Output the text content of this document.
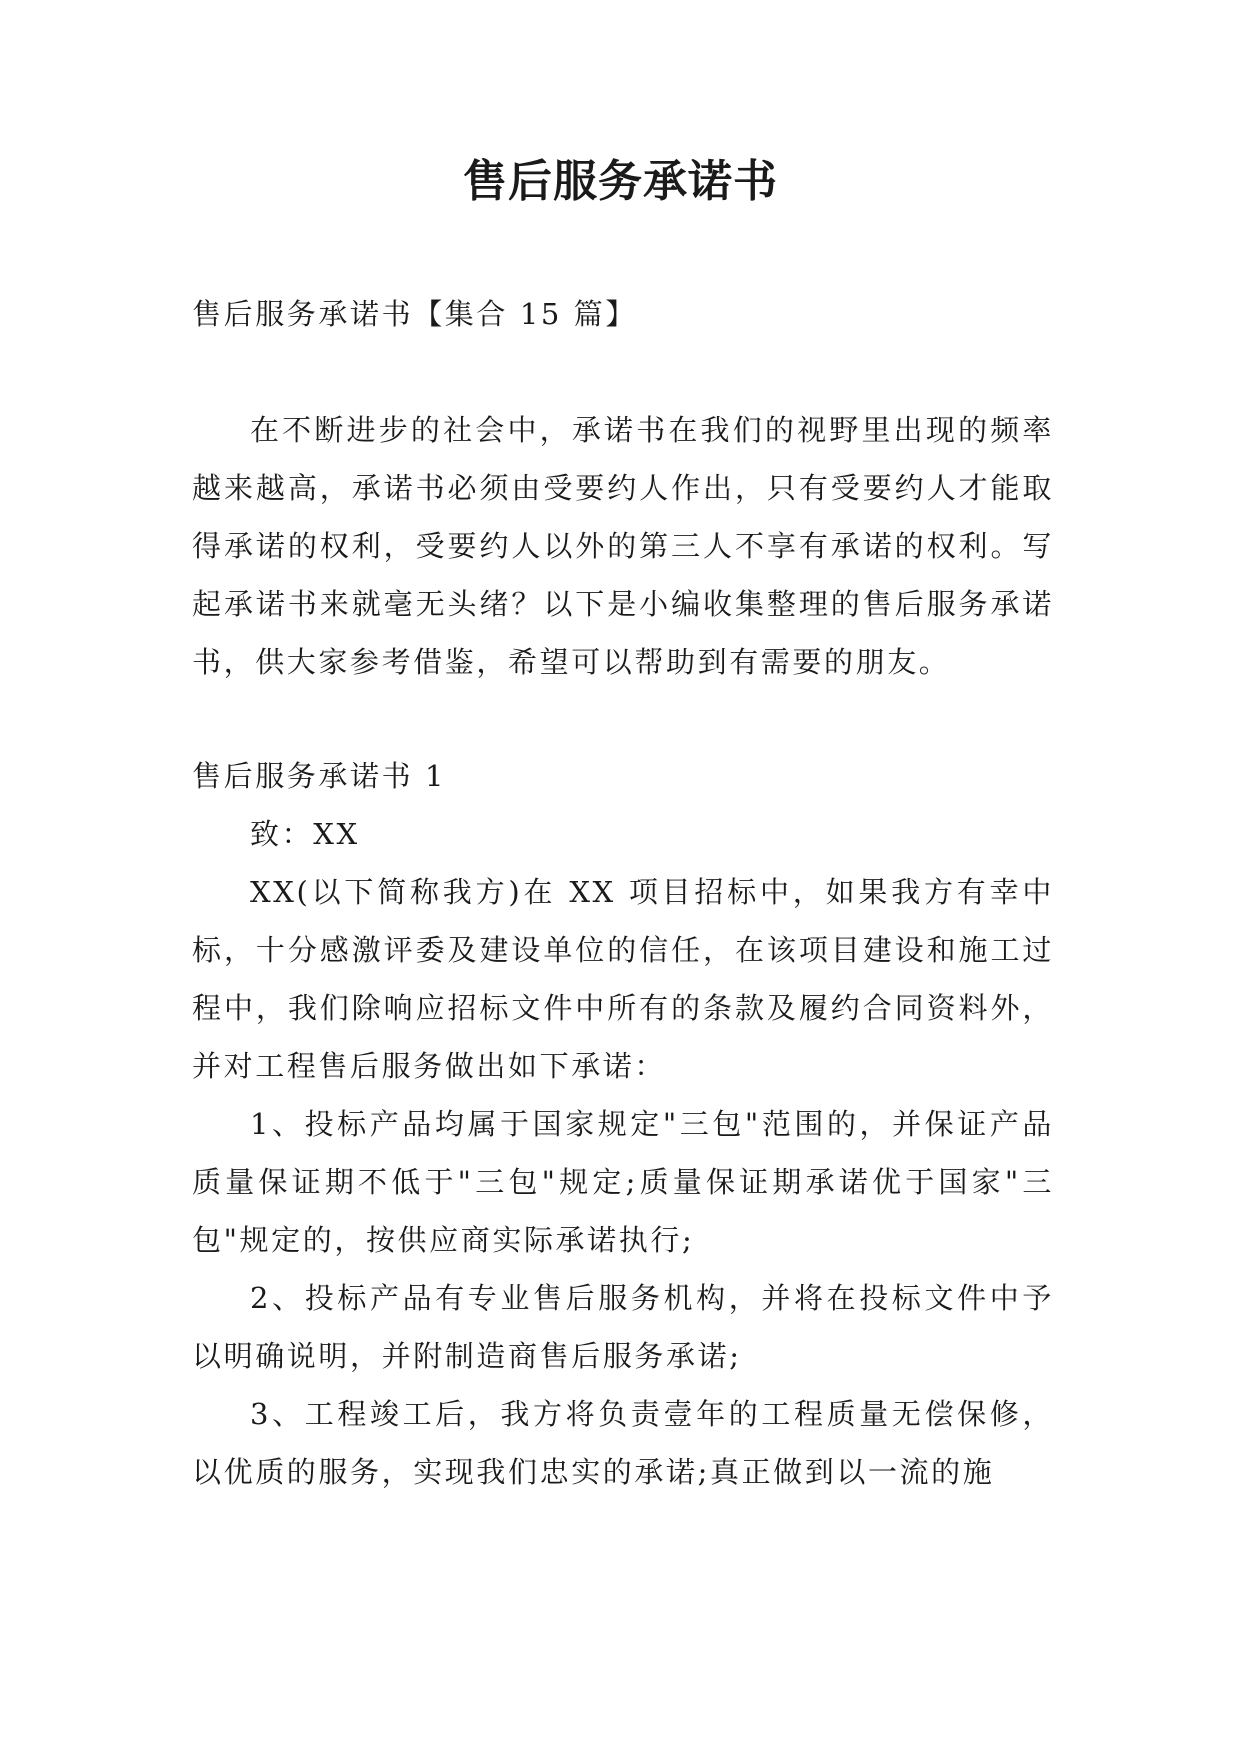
售后服务承诺书

售后服务承诺书【集合 15 篇】

在不断进步的社会中，承诺书在我们的视野里出现的频率越来越高，承诺书必须由受要约人作出，只有受要约人才能取得承诺的权利，受要约人以外的第三人不享有承诺的权利。写起承诺书来就毫无头绪？以下是小编收集整理的售后服务承诺书，供大家参考借鉴，希望可以帮助到有需要的朋友。

售后服务承诺书 1

致：XX

XX(以下简称我方)在 XX 项目招标中，如果我方有幸中标，十分感激评委及建设单位的信任，在该项目建设和施工过程中，我们除响应招标文件中所有的条款及履约合同资料外，并对工程售后服务做出如下承诺：

1、投标产品均属于国家规定"三包"范围的，并保证产品质量保证期不低于"三包"规定;质量保证期承诺优于国家"三包"规定的，按供应商实际承诺执行;

2、投标产品有专业售后服务机构，并将在投标文件中予以明确说明，并附制造商售后服务承诺;

3、工程竣工后，我方将负责壹年的工程质量无偿保修，以优质的服务，实现我们忠实的承诺;真正做到以一流的施
